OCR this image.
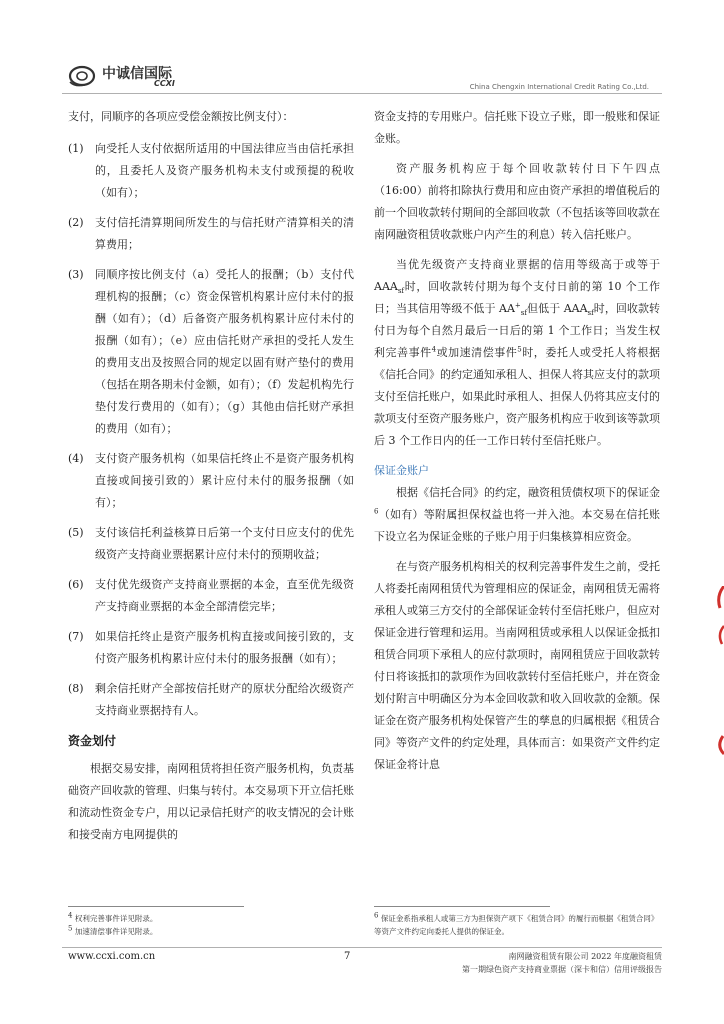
中诚信国际
CCXI	China Chengxin International Credit Rating Co.,Ltd.

支付，同顺序的各项应受偿金额按比例支付）：

(1)	向受托人支付依据所适用的中国法律应当由信托承担的，且委托人及资产服务机构未支付或预提的税收（如有）；
(2)	支付信托清算期间所发生的与信托财产清算相关的清算费用；
(3)	同顺序按比例支付（a）受托人的报酬；（b）支付代理机构的报酬；（c）资金保管机构累计应付未付的报酬（如有）；（d）后备资产服务机构累计应付未付的报酬（如有）；（e）应由信托财产承担的受托人发生的费用支出及按照合同的规定以固有财产垫付的费用（包括在期各期未付金额，如有）；（f）发起机构先行垫付发行费用的（如有）；（g）其他由信托财产承担的费用（如有）；
(4)	支付资产服务机构（如果信托终止不是资产服务机构直接或间接引致的）累计应付未付的服务报酬（如有）；
(5)	支付该信托利益核算日后第一个支付日应支付的优先级资产支持商业票据累计应付未付的预期收益；
(6)	支付优先级资产支持商业票据的本金，直至优先级资产支持商业票据的本金全部清偿完毕；
(7)	如果信托终止是资产服务机构直接或间接引致的，支付资产服务机构累计应付未付的服务报酬（如有）；
(8)	剩余信托财产全部按信托财产的原状分配给次级资产支持商业票据持有人。
资金划付

根据交易安排，南网租赁将担任资产服务机构，负责基础资产回收款的管理、归集与转付。本交易项下开立信托账和流动性资金专户，用以记录信托财产的收支情况的会计账和接受南方电网提供的

资金支持的专用账户。信托账下设立子账，即一般账和保证金账。

资产服务机构应于每个回收款转付日下午四点（16:00）前将扣除执行费用和应由资产承担的增值税后的前一个回收款转付期间的全部回收款（不包括该等回收款在南网融资租赁收款账户内产生的利息）转入信托账户。

当优先级资产支持商业票据的信用等级高于或等于 $AAA_{sf}$时，回收款转付期为每个支付日前的第 10 个工作日；当其信用等级不低于 $AA^+_{sf}$但低于 $AAA_{sf}$时，回收款转付日为每个自然月最后一日后的第 1 个工作日；当发生权利完善事件$^4$或加速清偿事件$^5$时，委托人或受托人将根据《信托合同》的约定通知承租人、担保人将其应支付的款项支付至信托账户，如果此时承租人、担保人仍将其应支付的款项支付至资产服务账户，资产服务机构应于收到该等款项后 3 个工作日内的任一工作日转付至信托账户。

保证金账户

根据《信托合同》的约定，融资租赁债权项下的保证金$^6$（如有）等附属担保权益也将一并入池。本交易在信托账下设立名为保证金账的子账户用于归集核算相应资金。

在与资产服务机构相关的权利完善事件发生之前，受托人将委托南网租赁代为管理相应的保证金，南网租赁无需将承租人或第三方交付的全部保证金转付至信托账户，但应对保证金进行管理和运用。当南网租赁或承租人以保证金抵扣租赁合同项下承租人的应付款项时，南网租赁应于回收款转付日将该抵扣的款项作为回收款转付至信托账户，并在资金划付附言中明确区分为本金回收款和收入回收款的金额。保证金在资产服务机构处保管产生的孳息的归属根据《租赁合同》等资产文件的约定处理，具体而言：如果资产文件约定保证金将计息

4 权利完善事件详见附录。
5 加速清偿事件详见附录。
6 保证金系指承租人或第三方为担保资产项下《租赁合同》的履行而根据《租赁合同》等资产文件约定向委托人提供的保证金。
www.ccxi.com.cn	7	南网融资租赁有限公司 2022 年度融资租赁
第一期绿色资产支持商业票据（深卡和信）信用评级报告
